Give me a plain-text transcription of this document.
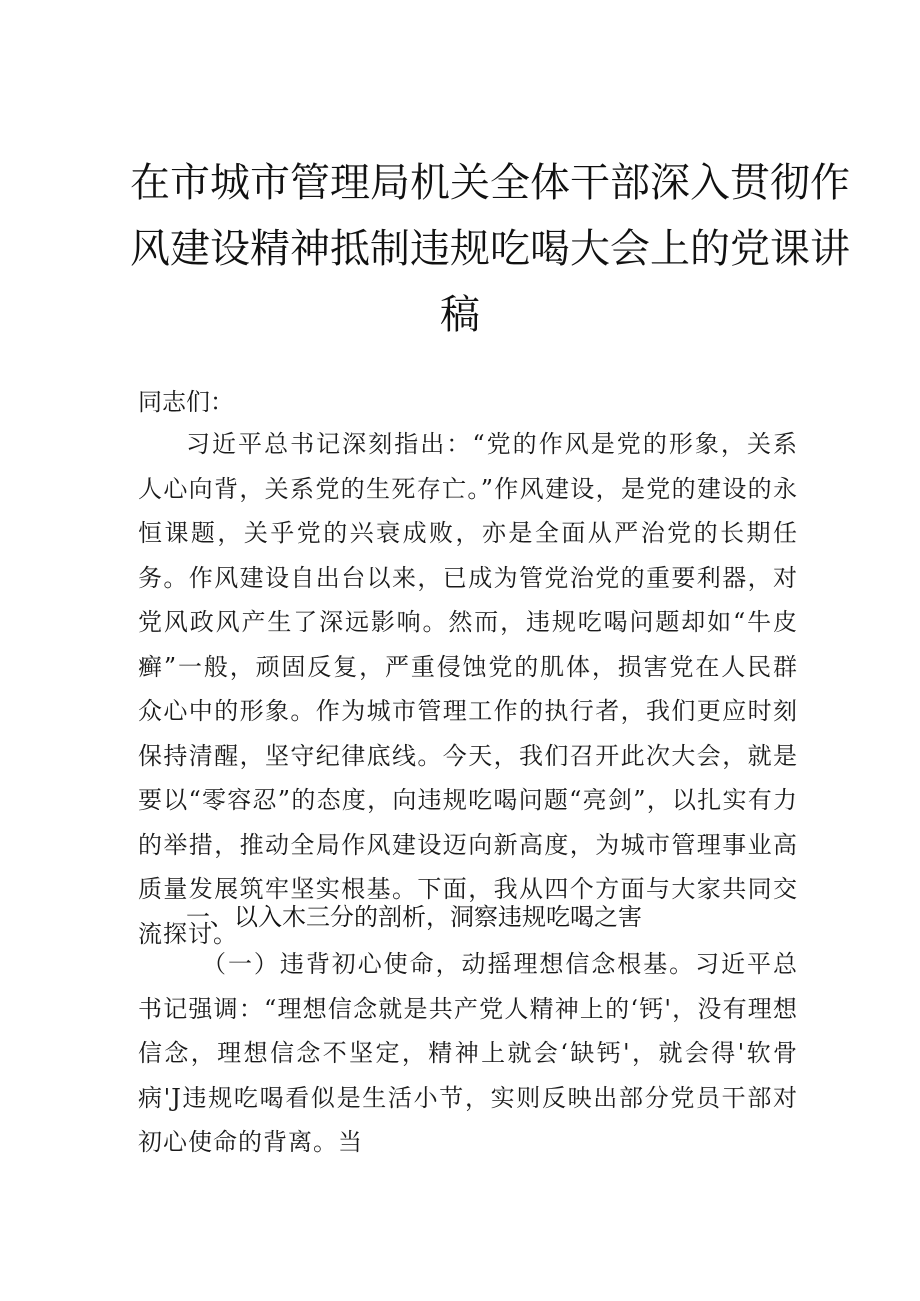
在市城市管理局机关全体干部深入贯彻作
风建设精神抵制违规吃喝大会上的党课讲
稿

同志们：

习近平总书记深刻指出：“党的作风是党的形象，关系人心向背，关系党的生死存亡。”作风建设，是党的建设的永恒课题，关乎党的兴衰成败，亦是全面从严治党的长期任务。作风建设自出台以来，已成为管党治党的重要利器，对党风政风产生了深远影响。然而，违规吃喝问题却如“牛皮癣”一般，顽固反复，严重侵蚀党的肌体，损害党在人民群众心中的形象。作为城市管理工作的执行者，我们更应时刻保持清醒，坚守纪律底线。今天，我们召开此次大会，就是要以“零容忍”的态度，向违规吃喝问题“亮剑”，以扎实有力的举措，推动全局作风建设迈向新高度，为城市管理事业高质量发展筑牢坚实根基。下面，我从四个方面与大家共同交流探讨。

一、以入木三分的剖析，洞察违规吃喝之害

（一）违背初心使命，动摇理想信念根基。习近平总书记强调：“理想信念就是共产党人精神上的‘钙'，没有理想信念，理想信念不坚定，精神上就会‘缺钙'，就会得'软骨病'J违规吃喝看似是生活小节，实则反映出部分党员干部对初心使命的背离。当
